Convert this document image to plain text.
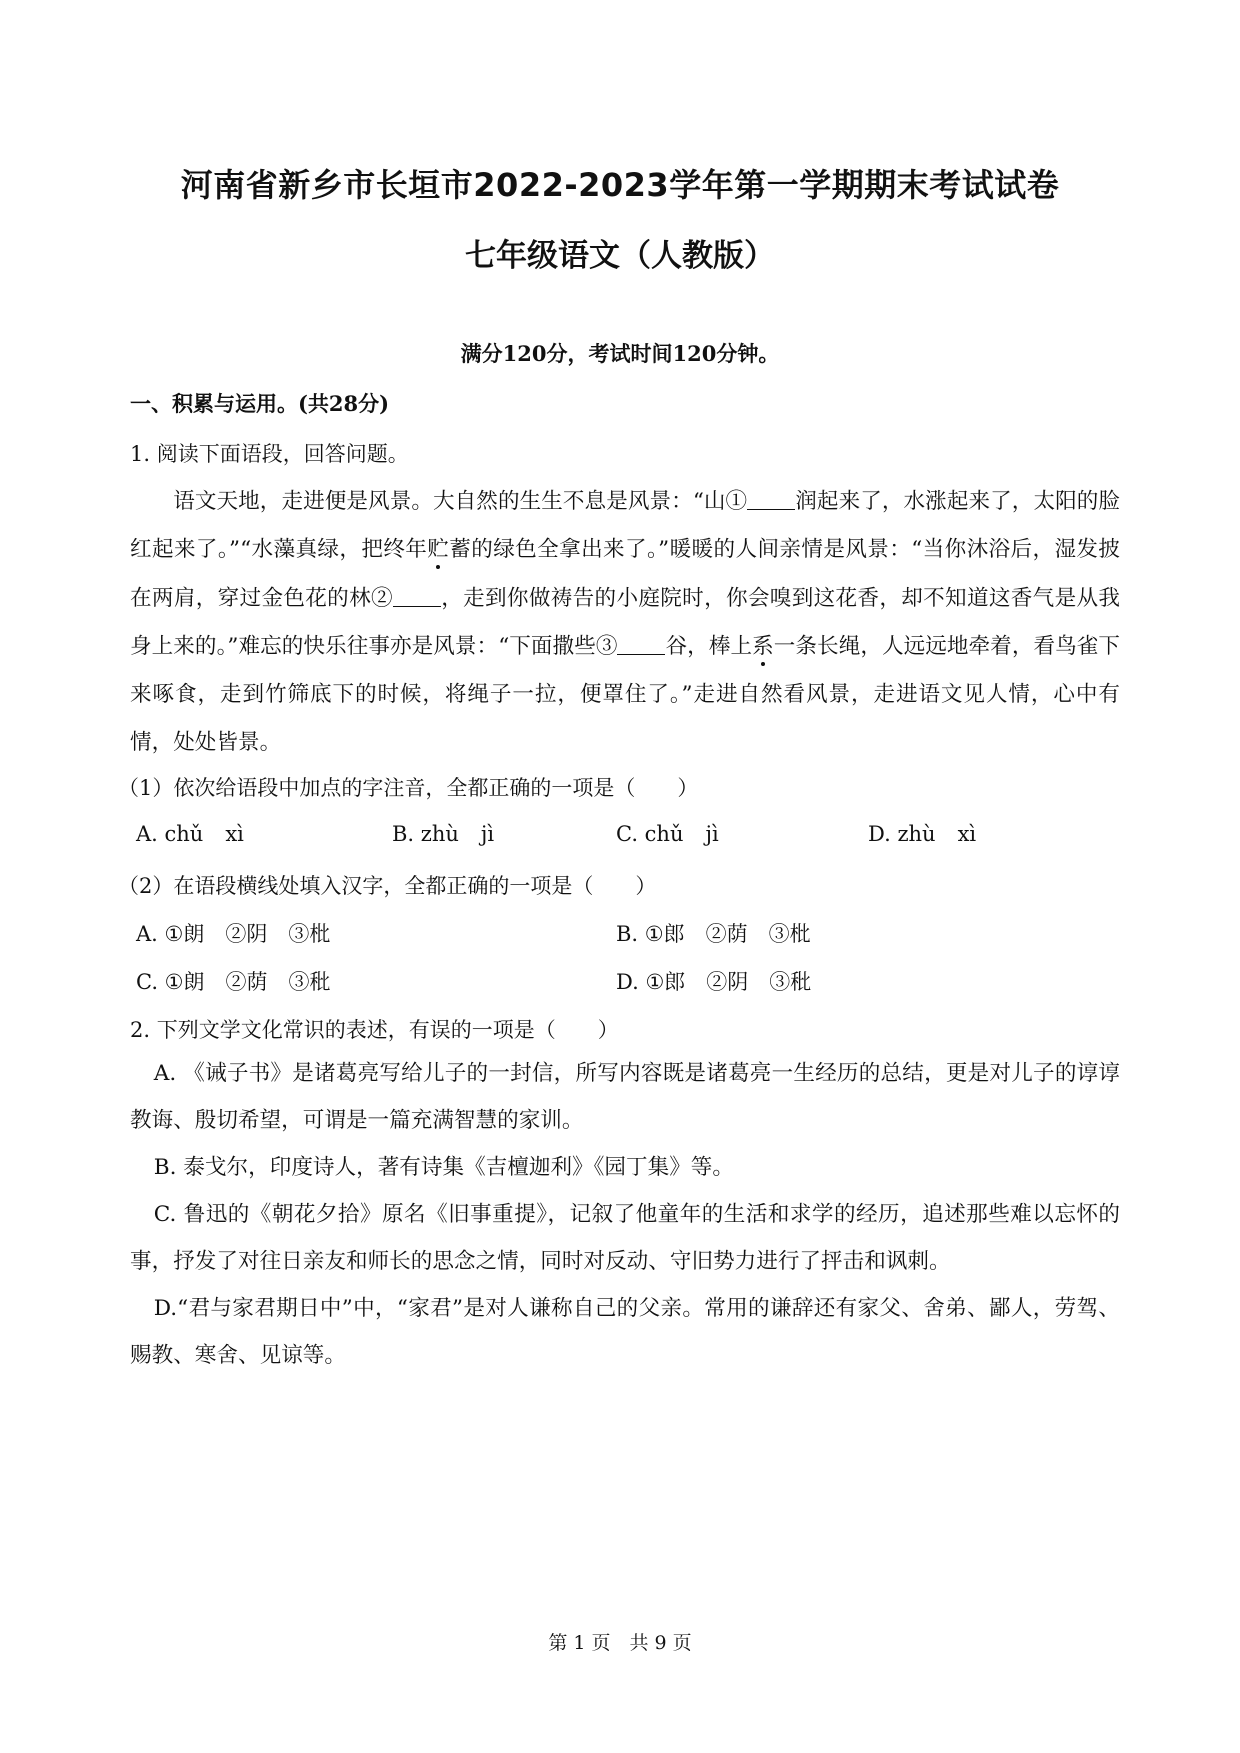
河南省新乡市长垣市2022-2023学年第一学期期末考试试卷
七年级语文（人教版）
满分120分，考试时间120分钟。
一、积累与运用。(共28分)
1. 阅读下面语段，回答问题。
语文天地，走进便是风景。大自然的生生不息是风景：“山① 润起来了，水涨起来了，太阳的脸红起来了。”“水藻真绿，把终年贮蓄的绿色全拿出来了。”暖暖的人间亲情是风景：“当你沐浴后，湿发披在两肩，穿过金色花的林② ，走到你做祷告的小庭院时，你会嗅到这花香，却不知道这香气是从我身上来的。”难忘的快乐往事亦是风景：“下面撒些③ 谷，棒上系一条长绳，人远远地牵着，看鸟雀下来啄食，走到竹筛底下的时候，将绳子一拉，便罩住了。”走进自然看风景，走进语文见人情，心中有情，处处皆景。
（1）依次给语段中加点的字注音，全都正确的一项是（　　）
A. chǔ xì	B. zhù jì	C. chǔ jì	D. zhù xì
（2）在语段横线处填入汉字，全都正确的一项是（　　）
A. ①朗　②阴　③枇	B. ①郎　②荫　③枇
C. ①朗　②荫　③秕	D. ①郎　②阴　③秕
2. 下列文学文化常识的表述，有误的一项是（　　）

A. 《诫子书》是诸葛亮写给儿子的一封信，所写内容既是诸葛亮一生经历的总结，更是对儿子的谆谆教诲、殷切希望，可谓是一篇充满智慧的家训。

B. 泰戈尔，印度诗人，著有诗集《吉檀迦利》《园丁集》等。

C. 鲁迅的《朝花夕拾》原名《旧事重提》，记叙了他童年的生活和求学的经历，追述那些难以忘怀的事，抒发了对往日亲友和师长的思念之情，同时对反动、守旧势力进行了抨击和讽刺。

D.“君与家君期日中”中，“家君”是对人谦称自己的父亲。常用的谦辞还有家父、舍弟、鄙人，劳驾、赐教、寒舍、见谅等。

第 1 页　共 9 页
